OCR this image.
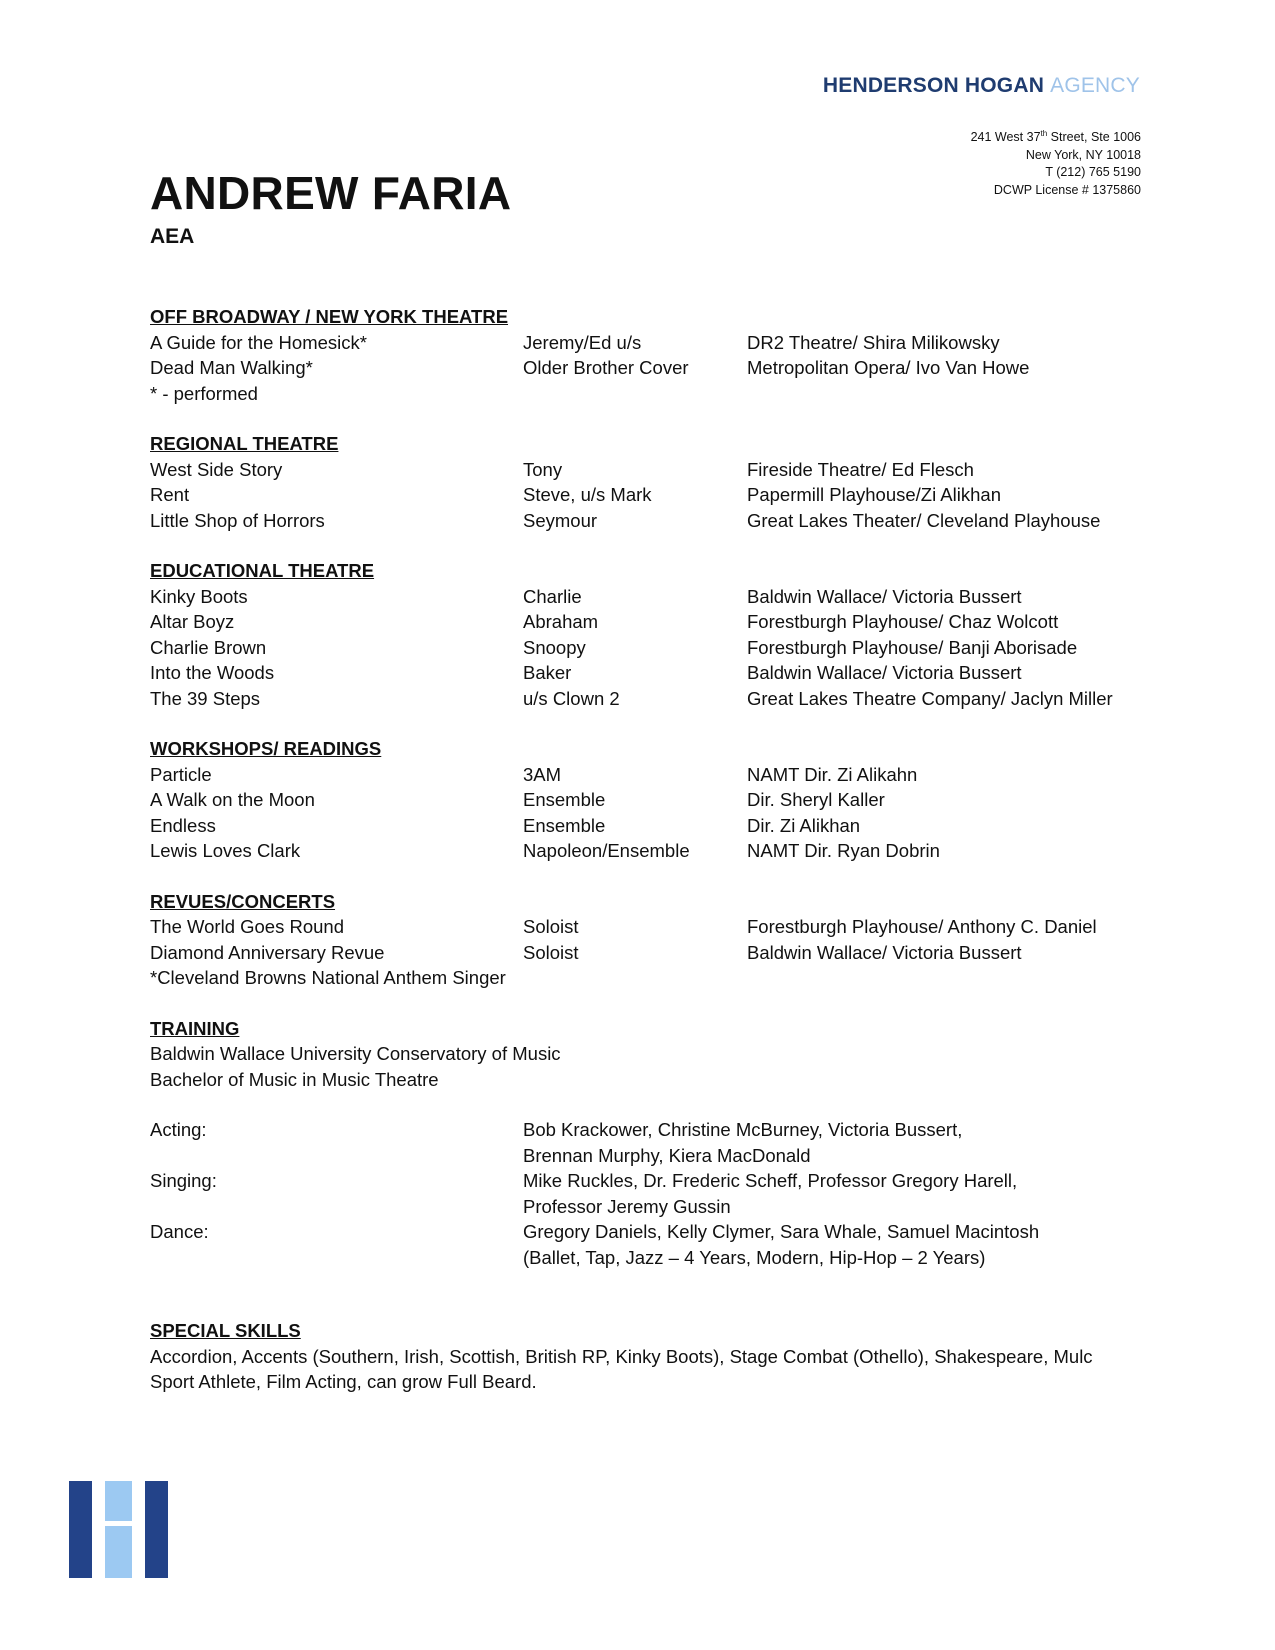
HENDERSON HOGAN AGENCY
241 West 37th Street, Ste 1006
New York, NY 10018
T (212) 765 5190
DCWP License # 1375860
ANDREW FARIA
AEA
OFF BROADWAY / NEW YORK THEATRE
A Guide for the Homesick*	Jeremy/Ed u/s	DR2 Theatre/ Shira Milikowsky
Dead Man Walking*	Older Brother Cover	Metropolitan Opera/ Ivo Van Howe
* - performed
REGIONAL THEATRE
West Side Story	Tony	Fireside Theatre/ Ed Flesch
Rent	Steve, u/s Mark	Papermill Playhouse/Zi Alikhan
Little Shop of Horrors	Seymour	Great Lakes Theater/ Cleveland Playhouse
EDUCATIONAL THEATRE
Kinky Boots	Charlie	Baldwin Wallace/ Victoria Bussert
Altar Boyz	Abraham	Forestburgh Playhouse/ Chaz Wolcott
Charlie Brown	Snoopy	Forestburgh Playhouse/ Banji Aborisade
Into the Woods	Baker	Baldwin Wallace/ Victoria Bussert
The 39 Steps	u/s Clown 2	Great Lakes Theatre Company/ Jaclyn Miller
WORKSHOPS/ READINGS
Particle	3AM	NAMT Dir. Zi Alikahn
A Walk on the Moon	Ensemble	Dir. Sheryl Kaller
Endless	Ensemble	Dir. Zi Alikhan
Lewis Loves Clark	Napoleon/Ensemble	NAMT Dir. Ryan Dobrin
REVUES/CONCERTS
The World Goes Round	Soloist	Forestburgh Playhouse/ Anthony C. Daniel
Diamond Anniversary Revue	Soloist	Baldwin Wallace/ Victoria Bussert
*Cleveland Browns National Anthem Singer
TRAINING
Baldwin Wallace University Conservatory of Music
Bachelor of Music in Music Theatre
Acting:	Bob Krackower, Christine McBurney, Victoria Bussert,
Brennan Murphy, Kiera MacDonald
Singing:	Mike Ruckles, Dr. Frederic Scheff, Professor Gregory Harell,
Professor Jeremy Gussin
Dance:	Gregory Daniels, Kelly Clymer, Sara Whale, Samuel Macintosh
(Ballet, Tap, Jazz – 4 Years, Modern, Hip-Hop – 2 Years)
SPECIAL SKILLS
Accordion, Accents (Southern, Irish, Scottish, British RP, Kinky Boots), Stage Combat (Othello), Shakespeare, Mulc
Sport Athlete, Film Acting, can grow Full Beard.
